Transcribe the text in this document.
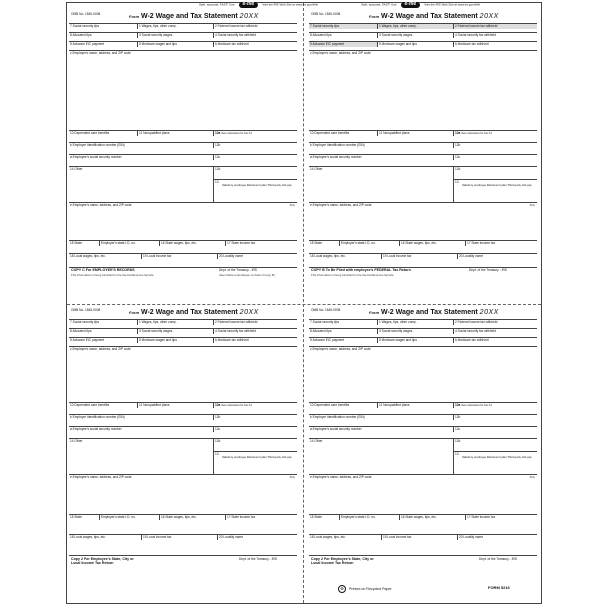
Safe, accurate, FAST! Use e-file	Visit the IRS Web Site at www.irs.gov/efile
OMB No. 1545-0008	Form W-2 Wage and Tax Statement 20XX
7 Social security tips	1 Wages, tips, other comp.	2 Federal income tax withheld
8 Allocated tips	3 Social security wages	4 Social security tax withheld
9 Advance EIC payment	5 Medicare wages and tips	6 Medicare tax withheld
c Employer's name, address, and ZIP code
10 Dependent care benefits	11 Nonqualified plans	12a See instructions for box 12
b Employer identification number (EIN)	12b
a Employee's social security number	12c
14 Other	12d
13
Statutory employee Retirement plan Third-party sick pay
e Employee's name, address, and ZIP code	5(A)
15 State	Employer's state I.D. no.	16 State wages, tips, etc.	17 State income tax
18 Local wages, tips, etc.	19 Local income tax	20 Locality name
COPY C For EMPLOYEE'S RECORDS
This information is being furnished to the Internal Revenue Service.
Dept. of the Treasury - IRS
(See Notice to Employee on back of Copy B.)
Safe, accurate, FAST! Use e-file	Visit the IRS Web Site at www.irs.gov/efile
OMB No. 1545-0008	Form W-2 Wage and Tax Statement 20XX
7 Social security tips	1 Wages, tips, other comp.	2 Federal income tax withheld
8 Allocated tips	3 Social security wages	4 Social security tax withheld
9 Advance EIC payment	5 Medicare wages and tips	6 Medicare tax withheld
c Employer's name, address, and ZIP code
10 Dependent care benefits	11 Nonqualified plans	12a See instructions for box 12
b Employer identification number (EIN)	12b
a Employee's social security number	12c
14 Other	12d
13
Statutory employee Retirement plan Third-party sick pay
e Employee's name, address, and ZIP code	5(A)
15 State	Employer's state I.D. no.	16 State wages, tips, etc.	17 State income tax
18 Local wages, tips, etc.	19 Local income tax	20 Locality name
COPY B To Be Filed with employee's FEDERAL Tax Return
This information is being furnished to the Internal Revenue Service.
Dept. of the Treasury - IRS
OMB No. 1545-0008	Form W-2 Wage and Tax Statement 20XX
7 Social security tips	1 Wages, tips, other comp.	2 Federal income tax withheld
8 Allocated tips	3 Social security wages	4 Social security tax withheld
9 Advance EIC payment	5 Medicare wages and tips	6 Medicare tax withheld
c Employer's name, address, and ZIP code
10 Dependent care benefits	11 Nonqualified plans	12a See instructions for box 12
b Employer identification number (EIN)	12b
a Employee's social security number	12c
14 Other	12d
13
Statutory employee Retirement plan Third-party sick pay
e Employee's name, address, and ZIP code	5(A)
15 State	Employer's state I.D. no.	16 State wages, tips, etc.	17 State income tax
18 Local wages, tips, etc.	19 Local income tax	20 Locality name
Copy 2 For Employee's State, City or Local Income Tax Return
Dept. of the Treasury - IRS
OMB No. 1545-0008	Form W-2 Wage and Tax Statement 20XX
7 Social security tips	1 Wages, tips, other comp.	2 Federal income tax withheld
8 Allocated tips	3 Social security wages	4 Social security tax withheld
9 Advance EIC payment	5 Medicare wages and tips	6 Medicare tax withheld
c Employer's name, address, and ZIP code
10 Dependent care benefits	11 Nonqualified plans	12a See instructions for box 12
b Employer identification number (EIN)	12b
a Employee's social security number	12c
14 Other	12d
13
Statutory employee Retirement plan Third-party sick pay
e Employee's name, address, and ZIP code	5(A)
15 State	Employer's state I.D. no.	16 State wages, tips, etc.	17 State income tax
18 Local wages, tips, etc.	19 Local income tax	20 Locality name
Copy 2 For Employee's State, City or Local Income Tax Return
Dept. of the Treasury - IRS
♻ Printed on Recycled Paper	FORM 5216
